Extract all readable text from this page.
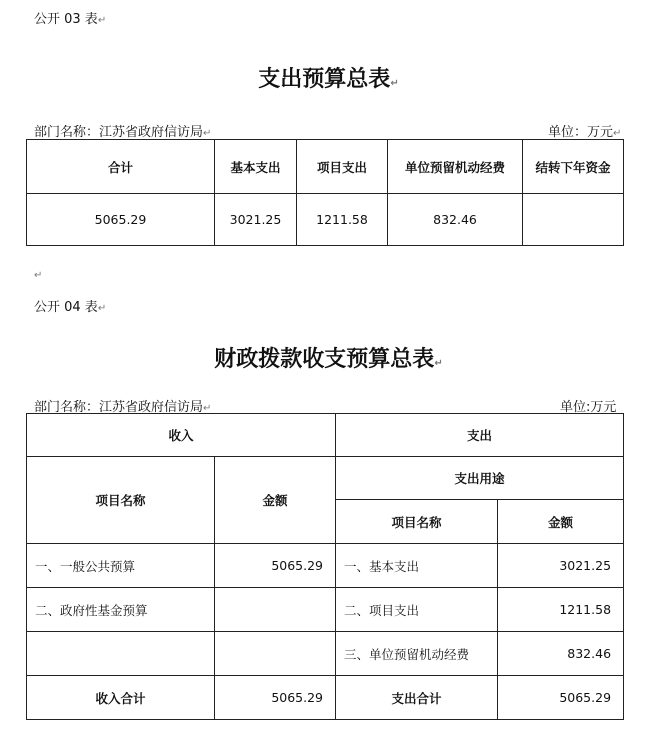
公开 03 表↵
支出预算总表↵
部门名称：江苏省政府信访局↵	单位：万元↵
合计	基本支出	项目支出	单位预留机动经费	结转下年资金
5065.29	3021.25	1211.58	832.46	
↵
公开 04 表↵
财政拨款收支预算总表↵
部门名称：江苏省政府信访局↵	单位:万元
收入		支出	
项目名称	金额	支出用途	
		项目名称	金额
一、一般公共预算	5065.29	一、基本支出	3021.25
二、政府性基金预算		二、项目支出	1211.58
		三、单位预留机动经费	832.46
收入合计	5065.29	支出合计	5065.29
